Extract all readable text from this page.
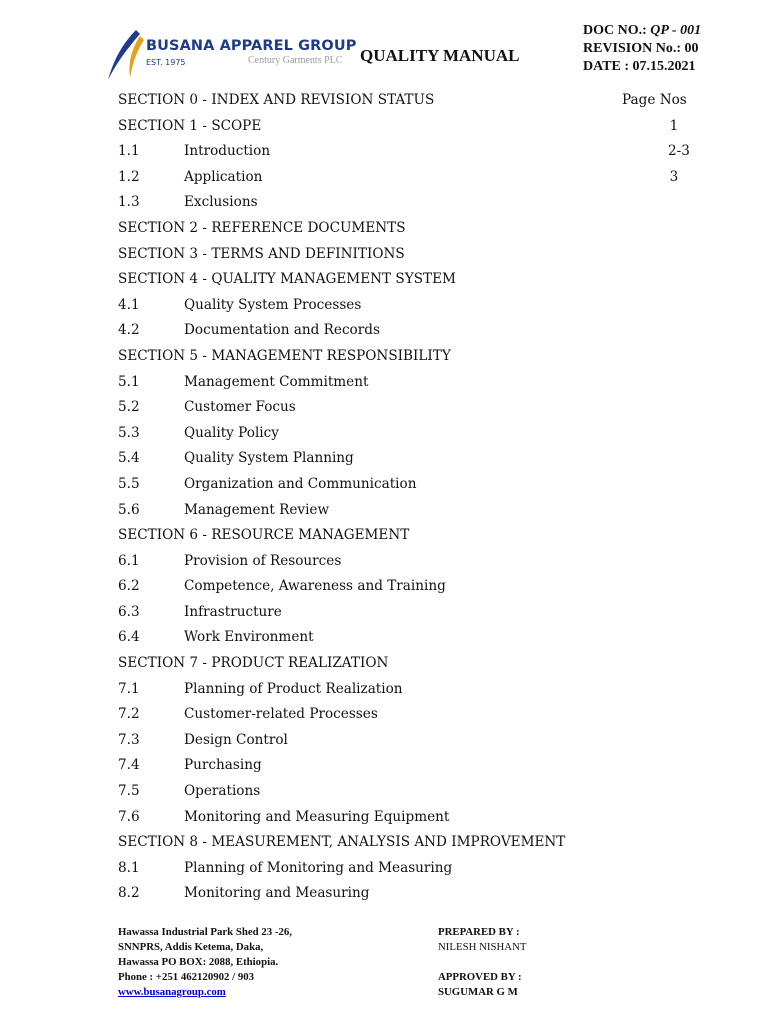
BUSANA APPAREL GROUP
EST. 1975	Century Garments PLC QUALITY MANUAL
DOC NO.: QP - 001
REVISION No.: 00
DATE : 07.15.2021
SECTION 0 - INDEX AND REVISION STATUS	Page Nos
SECTION 1 - SCOPE	1
1.1	Introduction	2-3
1.2	Application	3
1.3	Exclusions
SECTION 2 - REFERENCE DOCUMENTS
SECTION 3 - TERMS AND DEFINITIONS
SECTION 4 - QUALITY MANAGEMENT SYSTEM
4.1	Quality System Processes
4.2	Documentation and Records
SECTION 5 - MANAGEMENT RESPONSIBILITY
5.1	Management Commitment
5.2	Customer Focus
5.3	Quality Policy
5.4	Quality System Planning
5.5	Organization and Communication
5.6	Management Review
SECTION 6 - RESOURCE MANAGEMENT
6.1	Provision of Resources
6.2	Competence, Awareness and Training
6.3	Infrastructure
6.4	Work Environment
SECTION 7 - PRODUCT REALIZATION
7.1	Planning of Product Realization
7.2	Customer-related Processes
7.3	Design Control
7.4	Purchasing
7.5	Operations
7.6	Monitoring and Measuring Equipment
SECTION 8 - MEASUREMENT, ANALYSIS AND IMPROVEMENT
8.1	Planning of Monitoring and Measuring
8.2	Monitoring and Measuring
Hawassa Industrial Park Shed 23 -26,
SNNPRS, Addis Ketema, Daka,
Hawassa PO BOX: 2088, Ethiopia.
Phone : +251 462120902 / 903
www.busanagroup.com
PREPARED BY :
NILESH NISHANT
APPROVED BY :
SUGUMAR G M
